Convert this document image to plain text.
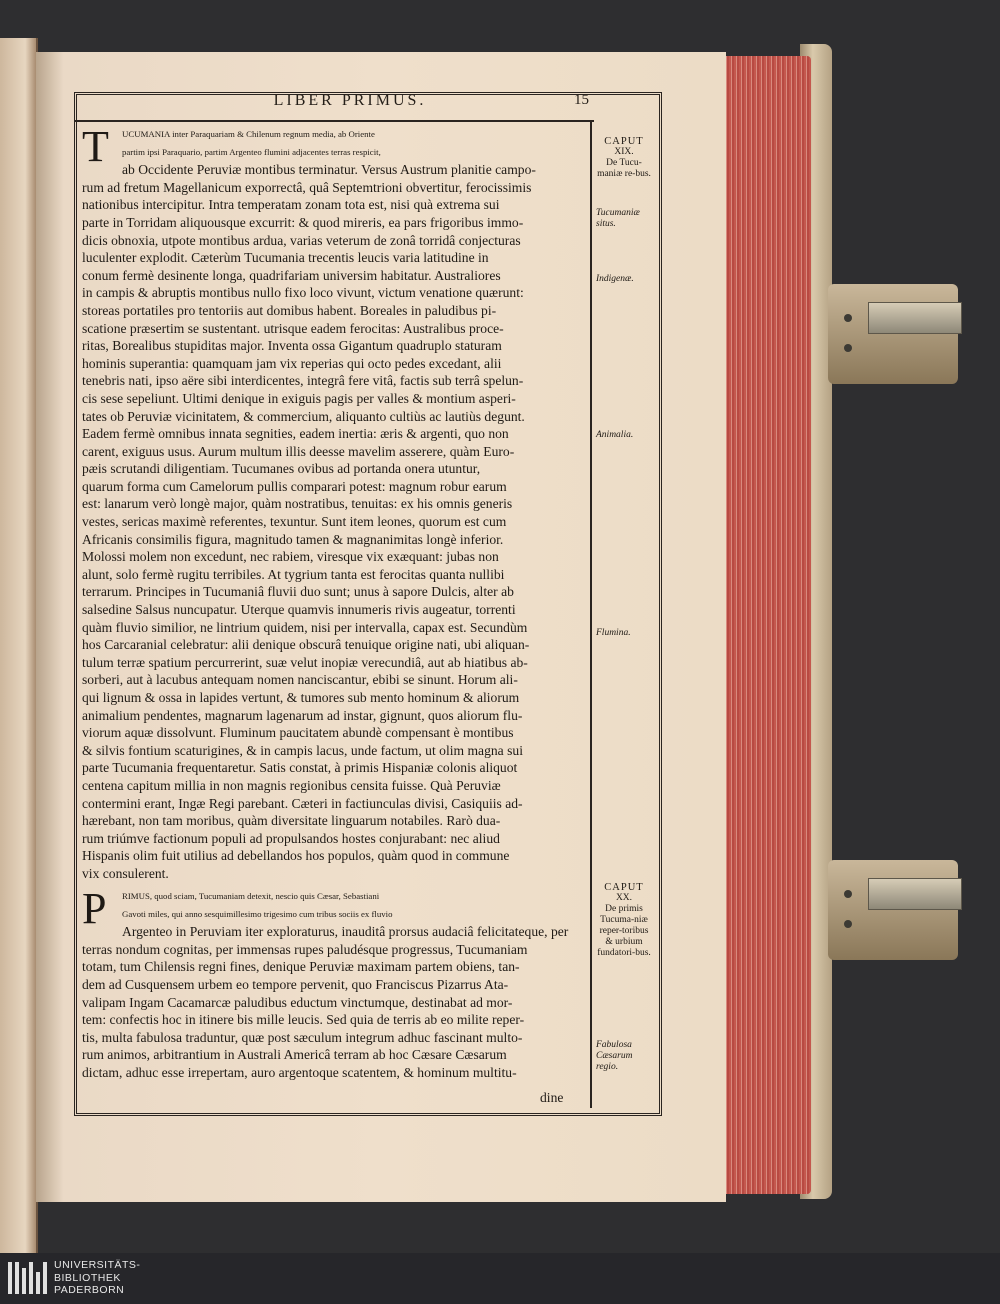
LIBER PRIMUS.	15
T	UCUMANIA inter Paraquariam & Chilenum regnum media, ab Oriente
partim ipsi Paraquario, partim Argenteo flumini adjacentes terras respicit,
ab Occidente Peruviæ montibus terminatur. Versus Austrum planitie campo-
rum ad fretum Magellanicum exporrectâ, quâ Septemtrioni obvertitur, ferocissimis
nationibus intercipitur. Intra temperatam zonam tota est, nisi quà extrema sui
parte in Torridam aliquousque excurrit: & quod mireris, ea pars frigoribus immo-
dicis obnoxia, utpote montibus ardua, varias veterum de zonâ torridâ conjecturas
luculenter explodit. Cæterùm Tucumania trecentis leucis varia latitudine in
conum fermè desinente longa, quadrifariam universim habitatur. Australiores
in campis & abruptis montibus nullo fixo loco vivunt, victum venatione quærunt:
storeas portatiles pro tentoriis aut domibus habent. Boreales in paludibus pi-
scatione præsertim se sustentant. utrisque eadem ferocitas: Australibus proce-
ritas, Borealibus stupiditas major. Inventa ossa Gigantum quadruplo staturam
hominis superantia: quamquam jam vix reperias qui octo pedes excedant, alii
tenebris nati, ipso aëre sibi interdicentes, integrâ fere vitâ, factis sub terrâ spelun-
cis sese sepeliunt. Ultimi denique in exiguis pagis per valles & montium asperi-
tates ob Peruviæ vicinitatem, & commercium, aliquanto cultiùs ac lautiùs degunt.
Eadem fermè omnibus innata segnities, eadem inertia: æris & argenti, quo non
carent, exiguus usus. Aurum multum illis deesse mavelim asserere, quàm Euro-
pæis scrutandi diligentiam. Tucumanes ovibus ad portanda onera utuntur,
quarum forma cum Camelorum pullis comparari potest: magnum robur earum
est: lanarum verò longè major, quàm nostratibus, tenuitas: ex his omnis generis
vestes, sericas maximè referentes, texuntur. Sunt item leones, quorum est cum
Africanis consimilis figura, magnitudo tamen & magnanimitas longè inferior.
Molossi molem non excedunt, nec rabiem, viresque vix exæquant: jubas non
alunt, solo fermè rugitu terribiles. At tygrium tanta est ferocitas quanta nullibi
terrarum. Principes in Tucumaniâ fluvii duo sunt; unus à sapore Dulcis, alter ab
salsedine Salsus nuncupatur. Uterque quamvis innumeris rivis augeatur, torrenti
quàm fluvio similior, ne lintrium quidem, nisi per intervalla, capax est. Secundùm
hos Carcaranial celebratur: alii denique obscurâ tenuique origine nati, ubi aliquan-
tulum terræ spatium percurrerint, suæ velut inopiæ verecundiâ, aut ab hiatibus ab-
sorberi, aut à lacubus antequam nomen nanciscantur, ebibi se sinunt. Horum ali-
qui lignum & ossa in lapides vertunt, & tumores sub mento hominum & aliorum
animalium pendentes, magnarum lagenarum ad instar, gignunt, quos aliorum flu-
viorum aquæ dissolvunt. Fluminum paucitatem abundè compensant è montibus
& silvis fontium scaturigines, & in campis lacus, unde factum, ut olim magna sui
parte Tucumania frequentaretur. Satis constat, à primis Hispaniæ colonis aliquot
centena capitum millia in non magnis regionibus censita fuisse. Quà Peruviæ
contermini erant, Ingæ Regi parebant. Cæteri in factiunculas divisi, Casiquiis ad-
hærebant, non tam moribus, quàm diversitate linguarum notabiles. Rarò dua-
rum triúmve factionum populi ad propulsandos hostes conjurabant: nec aliud
Hispanis olim fuit utilius ad debellandos hos populos, quàm quod in commune
vix consulerent.
P	RIMUS, quod sciam, Tucumaniam detexit, nescio quis Cæsar, Sebastiani
Gavoti miles, qui anno sesquimillesimo trigesimo cum tribus sociis ex fluvio
Argenteo in Peruviam iter exploraturus, inauditâ prorsus audaciâ felicitateque, per
terras nondum cognitas, per immensas rupes paludésque progressus, Tucumaniam
totam, tum Chilensis regni fines, denique Peruviæ maximam partem obiens, tan-
dem ad Cusquensem urbem eo tempore pervenit, quo Franciscus Pizarrus Ata-
valipam Ingam Cacamarcæ paludibus eductum vinctumque, destinabat ad mor-
tem: confectis hoc in itinere bis mille leucis. Sed quia de terris ab eo milite reper-
tis, multa fabulosa traduntur, quæ post sæculum integrum adhuc fascinant multo-
rum animos, arbitrantium in Australi Americâ terram ab hoc Cæsare Cæsarum
dictam, adhuc esse irrepertam, auro argentoque scatentem, & hominum multitu-
dine
CAPUT
XIX.
De Tucu-maniæ re-bus.
Tucumaniæ situs.
Indigenæ.
Animalia.
Flumina.
CAPUT
XX.
De primis Tucuma-niæ reper-toribus & urbium fundatori-bus.
Fabulosa Cæsarum regio.
UNIVERSITÄTS-
BIBLIOTHEK
PADERBORN
